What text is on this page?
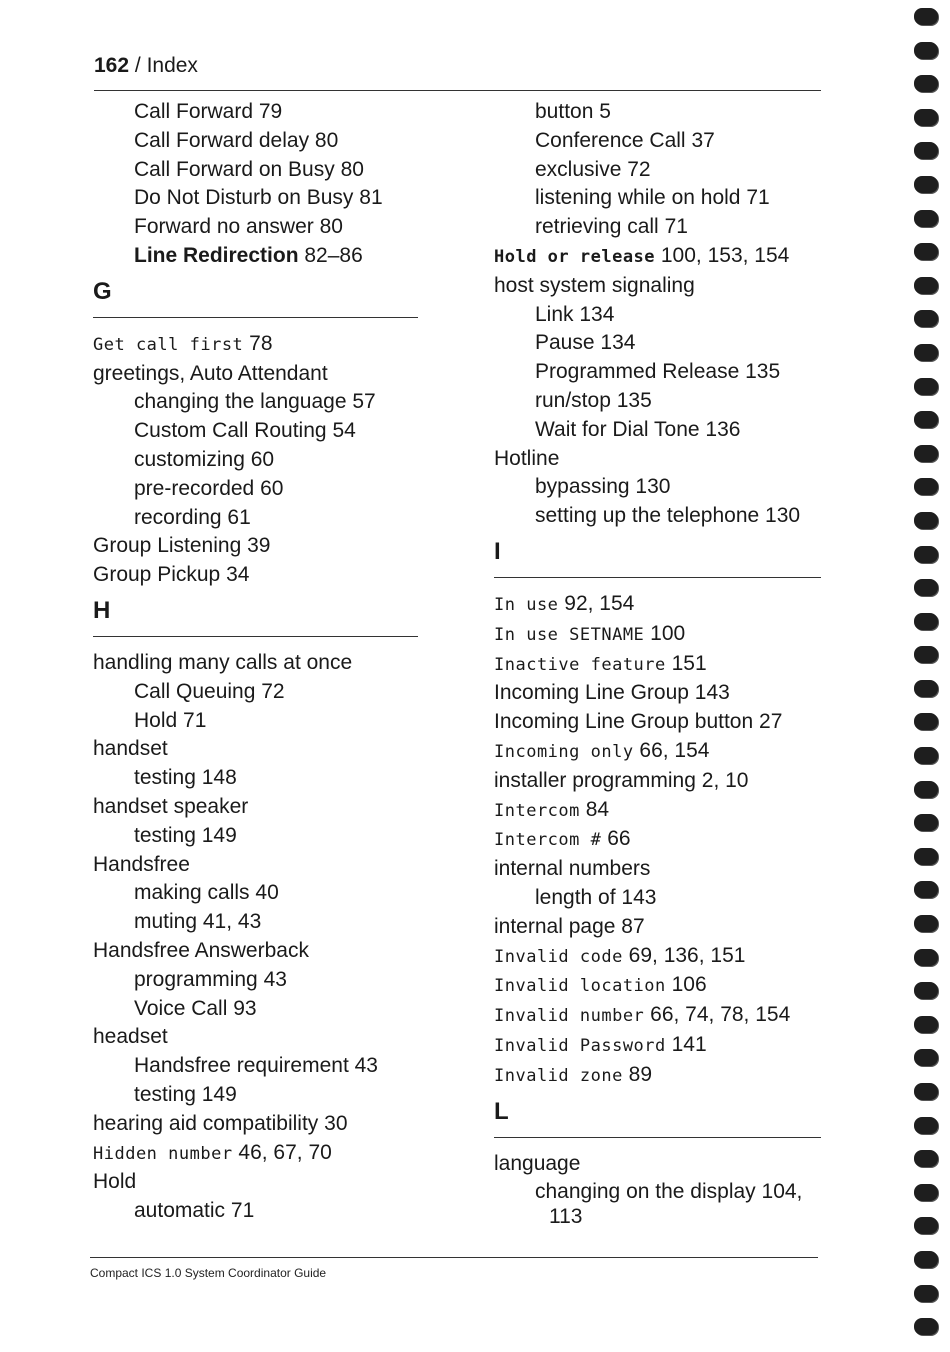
162 / Index
Call Forward 79
Call Forward delay 80
Call Forward on Busy 80
Do Not Disturb on Busy 81
Forward no answer 80
Line Redirection 82–86
G
Get call first 78
greetings, Auto Attendant
changing the language 57
Custom Call Routing 54
customizing 60
pre-recorded 60
recording 61
Group Listening 39
Group Pickup 34
H
handling many calls at once
Call Queuing 72
Hold 71
handset
testing 148
handset speaker
testing 149
Handsfree
making calls 40
muting 41, 43
Handsfree Answerback
programming 43
Voice Call 93
headset
Handsfree requirement 43
testing 149
hearing aid compatibility 30
Hidden number 46, 67, 70
Hold
automatic 71
button 5
Conference Call 37
exclusive 72
listening while on hold 71
retrieving call 71
Hold or release 100, 153, 154
host system signaling
Link 134
Pause 134
Programmed Release 135
run/stop 135
Wait for Dial Tone 136
Hotline
bypassing 130
setting up the telephone 130
I
In use 92, 154
In use SETNAME 100
Inactive feature 151
Incoming Line Group 143
Incoming Line Group button 27
Incoming only 66, 154
installer programming 2, 10
Intercom 84
Intercom # 66
internal numbers
length of 143
internal page 87
Invalid code 69, 136, 151
Invalid location 106
Invalid number 66, 74, 78, 154
Invalid Password 141
Invalid zone 89
L
language
changing on the display 104,
113
Compact ICS 1.0 System Coordinator Guide
